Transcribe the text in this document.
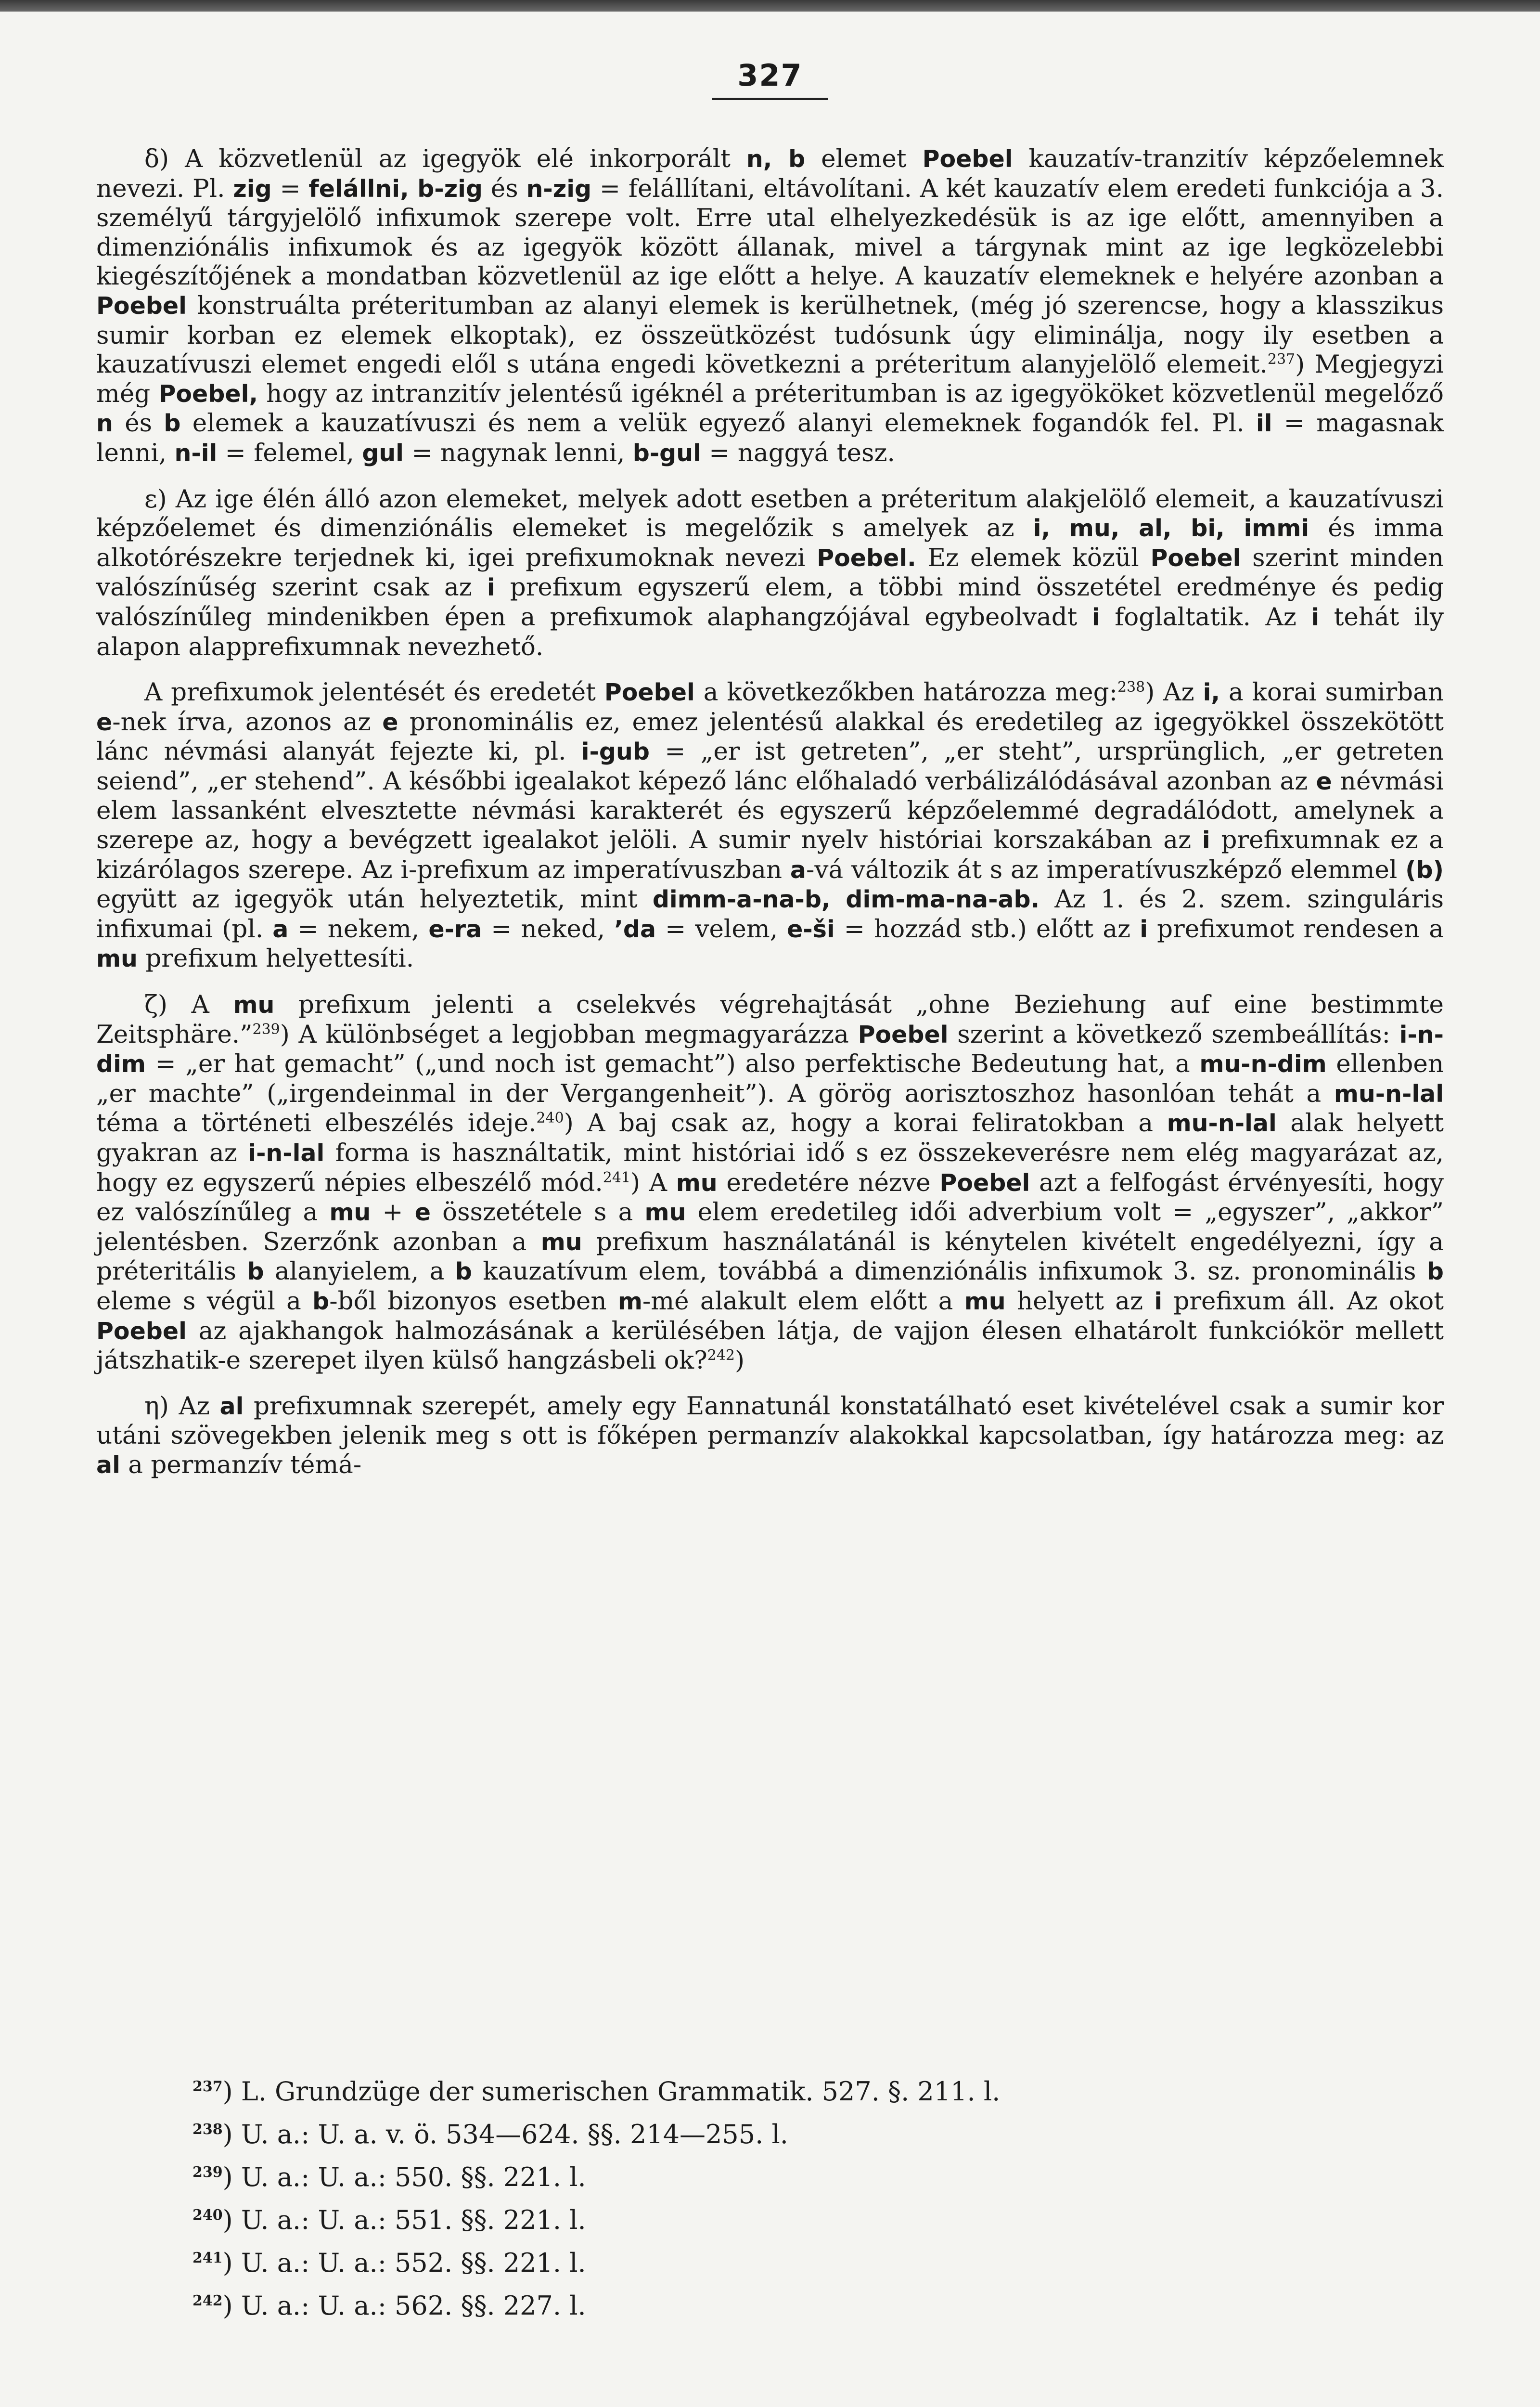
327

δ) A közvetlenül az igegyök elé inkorporált n, b elemet Poebel kauzatív-tranzitív képzőelemnek nevezi. Pl. zig = felállni, b-zig és n-zig = felállítani, eltávolítani. A két kauzatív elem eredeti funkciója a 3. személyű tárgyjelölő infixumok szerepe volt. Erre utal elhelyezkedésük is az ige előtt, amennyiben a dimenziónális infixumok és az igegyök között állanak, mivel a tárgynak mint az ige legközelebbi kiegészítőjének a mondatban közvetlenül az ige előtt a helye. A kauzatív elemeknek e helyére azonban a Poebel konstruálta préteritumban az alanyi elemek is kerülhetnek, (még jó szerencse, hogy a klasszikus sumir korban ez elemek elkoptak), ez összeütközést tudósunk úgy eliminálja, nogy ily esetben a kauzatívuszi elemet engedi elől s utána engedi következni a préteritum alanyjelölő elemeit.$^{237}$) Megjegyzi még Poebel, hogy az intranzitív jelentésű igéknél a préteritumban is az igegyököket közvetlenül megelőző n és b elemek a kauzatívuszi és nem a velük egyező alanyi elemeknek fogandók fel. Pl. il = magasnak lenni, n-il = felemel, gul = nagynak lenni, b-gul = naggyá tesz.

ε) Az ige élén álló azon elemeket, melyek adott esetben a préteritum alakjelölő elemeit, a kauzatívuszi képzőelemet és dimenziónális elemeket is megelőzik s amelyek az i, mu, al, bi, immi és imma alkotórészekre terjednek ki, igei prefixumoknak nevezi Poebel. Ez elemek közül Poebel szerint minden valószínűség szerint csak az i prefixum egyszerű elem, a többi mind összetétel eredménye és pedig valószínűleg mindenikben épen a prefixumok alaphangzójával egybeolvadt i foglaltatik. Az i tehát ily alapon alapprefixumnak nevezhető.

A prefixumok jelentését és eredetét Poebel a következőkben határozza meg:$^{238}$) Az i, a korai sumirban e-nek írva, azonos az e pronominális ez, emez jelentésű alakkal és eredetileg az igegyökkel összekötött lánc névmási alanyát fejezte ki, pl. i-gub = „er ist getreten”, „er steht”, ursprünglich, „er getreten seiend”, „er stehend”. A későbbi igealakot képező lánc előhaladó verbálizálódásával azonban az e névmási elem lassanként elvesztette névmási karakterét és egyszerű képzőelemmé degradálódott, amelynek a szerepe az, hogy a bevégzett igealakot jelöli. A sumir nyelv históriai korszakában az i prefixumnak ez a kizárólagos szerepe. Az i-prefixum az imperatívuszban a-vá változik át s az imperatívuszképző elemmel (b) együtt az igegyök után helyeztetik, mint dimm-a-na-b, dim-ma-na-ab. Az 1. és 2. szem. szinguláris infixumai (pl. a = nekem, e-ra = neked, ’da = velem, e-ši = hozzád stb.) előtt az i prefixumot rendesen a mu prefixum helyettesíti.

ζ) A mu prefixum jelenti a cselekvés végrehajtását „ohne Beziehung auf eine bestimmte Zeitsphäre.”$^{239}$) A különbséget a legjobban megmagyarázza Poebel szerint a következő szembeállítás: i-n-dim = „er hat gemacht” („und noch ist gemacht”) also perfektische Bedeutung hat, a mu-n-dim ellenben „er machte” („irgendeinmal in der Vergangenheit”). A görög aorisztoszhoz hasonlóan tehát a mu-n-lal téma a történeti elbeszélés ideje.$^{240}$) A baj csak az, hogy a korai feliratokban a mu-n-lal alak helyett gyakran az i-n-lal forma is használtatik, mint históriai idő s ez összekeverésre nem elég magyarázat az, hogy ez egyszerű népies elbeszélő mód.$^{241}$) A mu eredetére nézve Poebel azt a felfogást érvényesíti, hogy ez valószínűleg a mu + e összetétele s a mu elem eredetileg idői adverbium volt = „egyszer”, „akkor” jelentésben. Szerzőnk azonban a mu prefixum használatánál is kénytelen kivételt engedélyezni, így a préteritális b alanyielem, a b kauzatívum elem, továbbá a dimenziónális infixumok 3. sz. pronominális b eleme s végül a b-ből bizonyos esetben m-mé alakult elem előtt a mu helyett az i prefixum áll. Az okot Poebel az ajakhangok halmozásának a kerülésében látja, de vajjon élesen elhatárolt funkciókör mellett játszhatik-e szerepet ilyen külső hangzásbeli ok?$^{242}$)

η) Az al prefixumnak szerepét, amely egy Eannatunál konstatálható eset kivételével csak a sumir kor utáni szövegekben jelenik meg s ott is főképen permanzív alakokkal kapcsolatban, így határozza meg: az al a permanzív témá-

$^{237}$) L. Grundzüge der sumerischen Grammatik. 527. §. 211. l.
$^{238}$) U. a.: U. a. v. ö. 534—624. §§. 214—255. l.
$^{239}$) U. a.: U. a.: 550. §§. 221. l.
$^{240}$) U. a.: U. a.: 551. §§. 221. l.
$^{241}$) U. a.: U. a.: 552. §§. 221. l.
$^{242}$) U. a.: U. a.: 562. §§. 227. l.
